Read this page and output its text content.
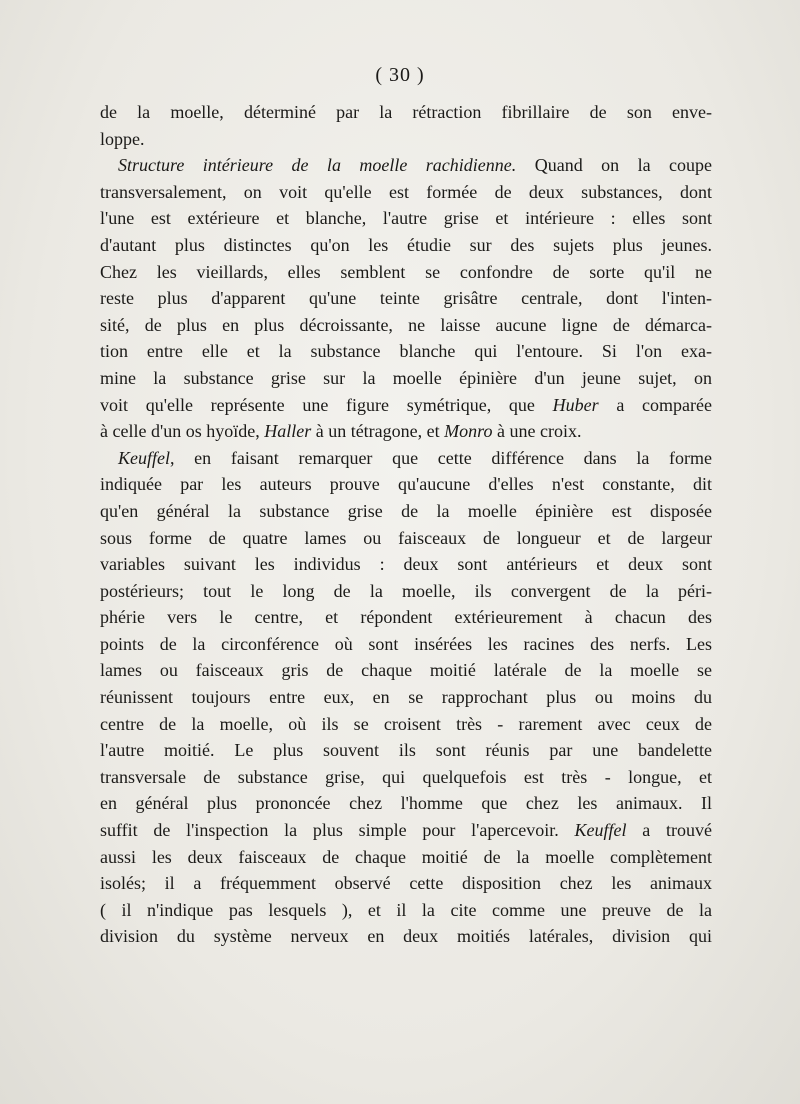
( 30 )
de la moelle, déterminé par la rétraction fibrillaire de son enve-
loppe.
Structure intérieure de la moelle rachidienne. Quand on la coupe
transversalement, on voit qu'elle est formée de deux substances, dont
l'une est extérieure et blanche, l'autre grise et intérieure : elles sont
d'autant plus distinctes qu'on les étudie sur des sujets plus jeunes.
Chez les vieillards, elles semblent se confondre de sorte qu'il ne
reste plus d'apparent qu'une teinte grisâtre centrale, dont l'inten-
sité, de plus en plus décroissante, ne laisse aucune ligne de démarca-
tion entre elle et la substance blanche qui l'entoure. Si l'on exa-
mine la substance grise sur la moelle épinière d'un jeune sujet, on
voit qu'elle représente une figure symétrique, que Huber a comparée
à celle d'un os hyoïde, Haller à un tétragone, et Monro à une croix.
Keuffel, en faisant remarquer que cette différence dans la forme
indiquée par les auteurs prouve qu'aucune d'elles n'est constante, dit
qu'en général la substance grise de la moelle épinière est disposée
sous forme de quatre lames ou faisceaux de longueur et de largeur
variables suivant les individus : deux sont antérieurs et deux sont
postérieurs; tout le long de la moelle, ils convergent de la péri-
phérie vers le centre, et répondent extérieurement à chacun des
points de la circonférence où sont insérées les racines des nerfs. Les
lames ou faisceaux gris de chaque moitié latérale de la moelle se
réunissent toujours entre eux, en se rapprochant plus ou moins du
centre de la moelle, où ils se croisent très - rarement avec ceux de
l'autre moitié. Le plus souvent ils sont réunis par une bandelette
transversale de substance grise, qui quelquefois est très - longue, et
en général plus prononcée chez l'homme que chez les animaux. Il
suffit de l'inspection la plus simple pour l'apercevoir. Keuffel a trouvé
aussi les deux faisceaux de chaque moitié de la moelle complètement
isolés; il a fréquemment observé cette disposition chez les animaux
( il n'indique pas lesquels ), et il la cite comme une preuve de la
division du système nerveux en deux moitiés latérales, division qui
